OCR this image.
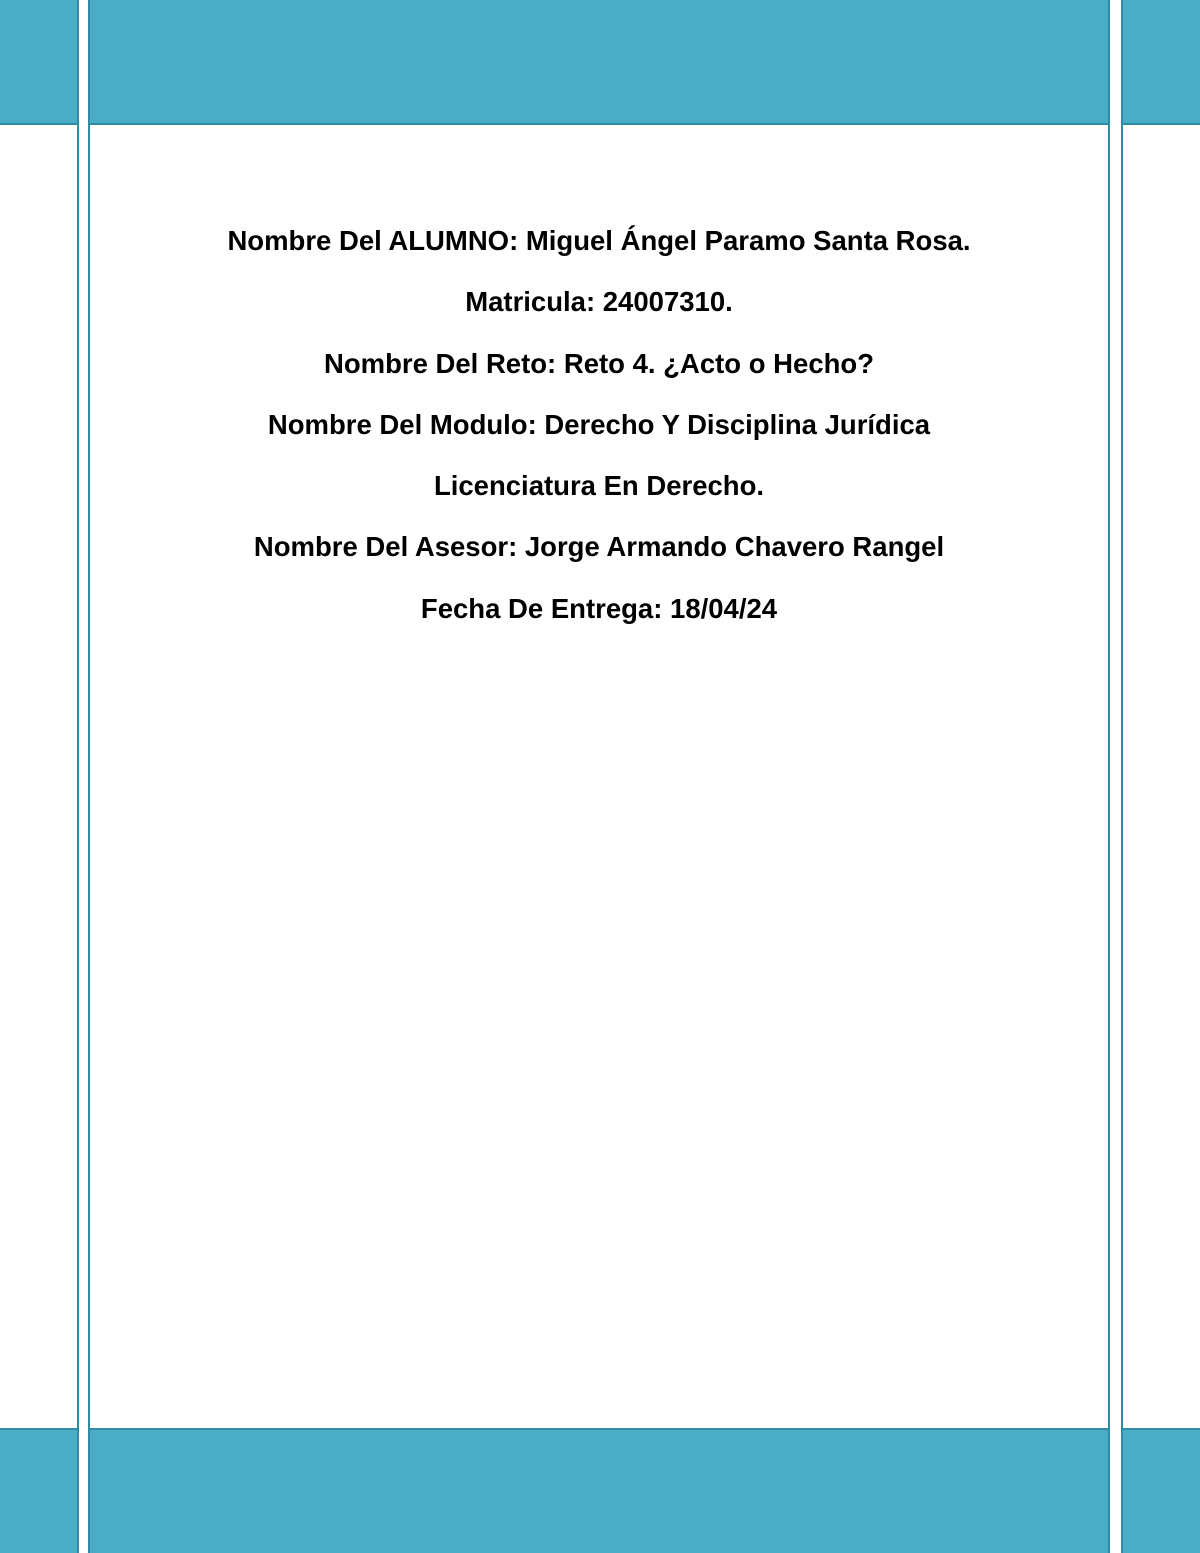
Nombre Del ALUMNO: Miguel Ángel Paramo Santa Rosa.
Matricula: 24007310.
Nombre Del Reto: Reto 4. ¿Acto o Hecho?
Nombre Del Modulo: Derecho Y Disciplina Jurídica
Licenciatura En Derecho.
Nombre Del Asesor: Jorge Armando Chavero Rangel
Fecha De Entrega: 18/04/24
